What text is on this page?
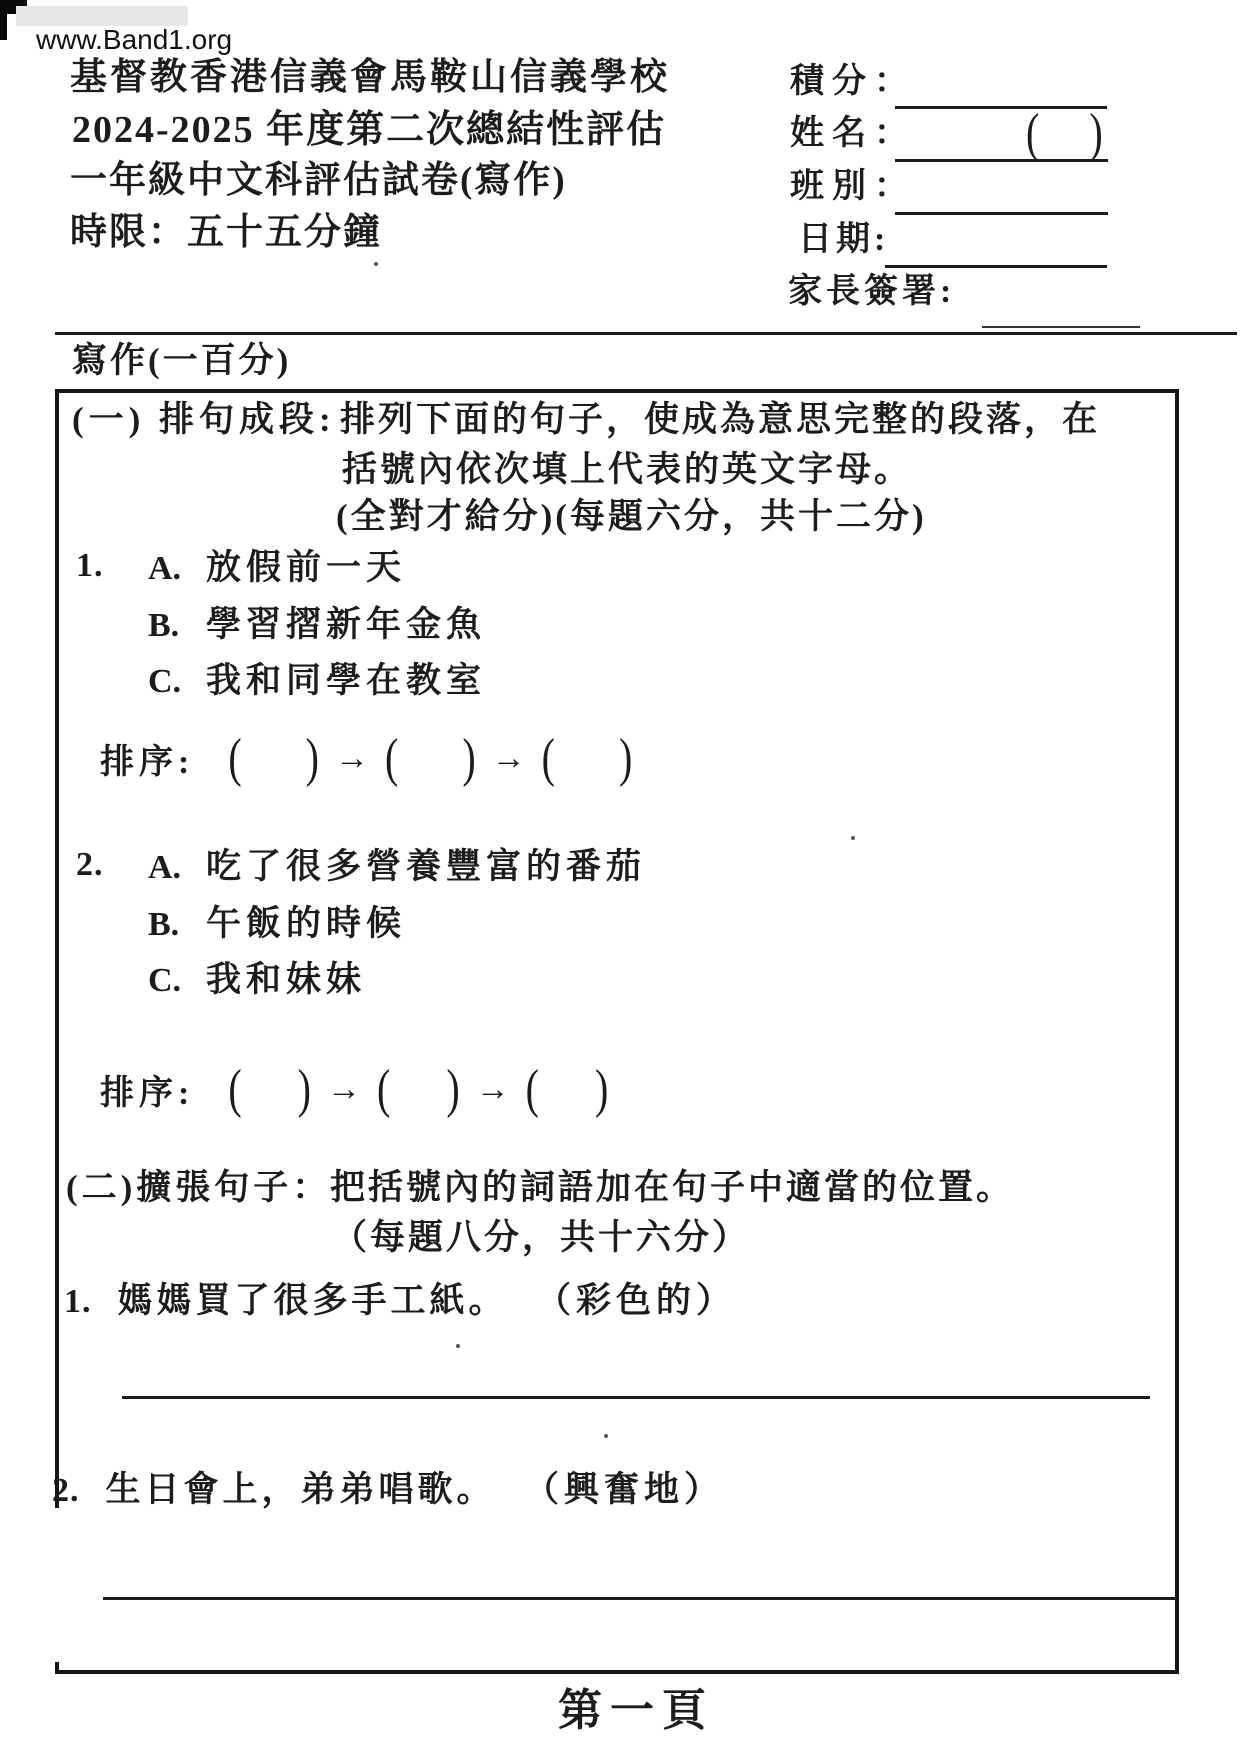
www.Band1.org
基督教香港信義會馬鞍山信義學校
2024-2025 年度第二次總結性評估
一年級中文科評估試卷(寫作)
時限：五十五分鐘
積分：
姓名：	( )
班別：
日期:
家長簽署:
寫作(一百分)
(一) 排句成段: 排列下面的句子，使成為意思完整的段落，在
括號內依次填上代表的英文字母。
(全對才給分)(每題六分，共十二分)
1. A. 放假前一天
B. 學習摺新年金魚
C. 我和同學在教室
排序: ( ) → ( ) → ( )
2. A. 吃了很多營養豐富的番茄
B. 午飯的時候
C. 我和妹妹
排序: ( ) → ( ) → ( )
(二)擴張句子：
把括號內的詞語加在句子中適當的位置。
（每題八分，共十六分）
1. 媽媽買了很多手工紙。 （彩色的）
2. 生日會上，弟弟唱歌。 （興奮地）
第一頁
